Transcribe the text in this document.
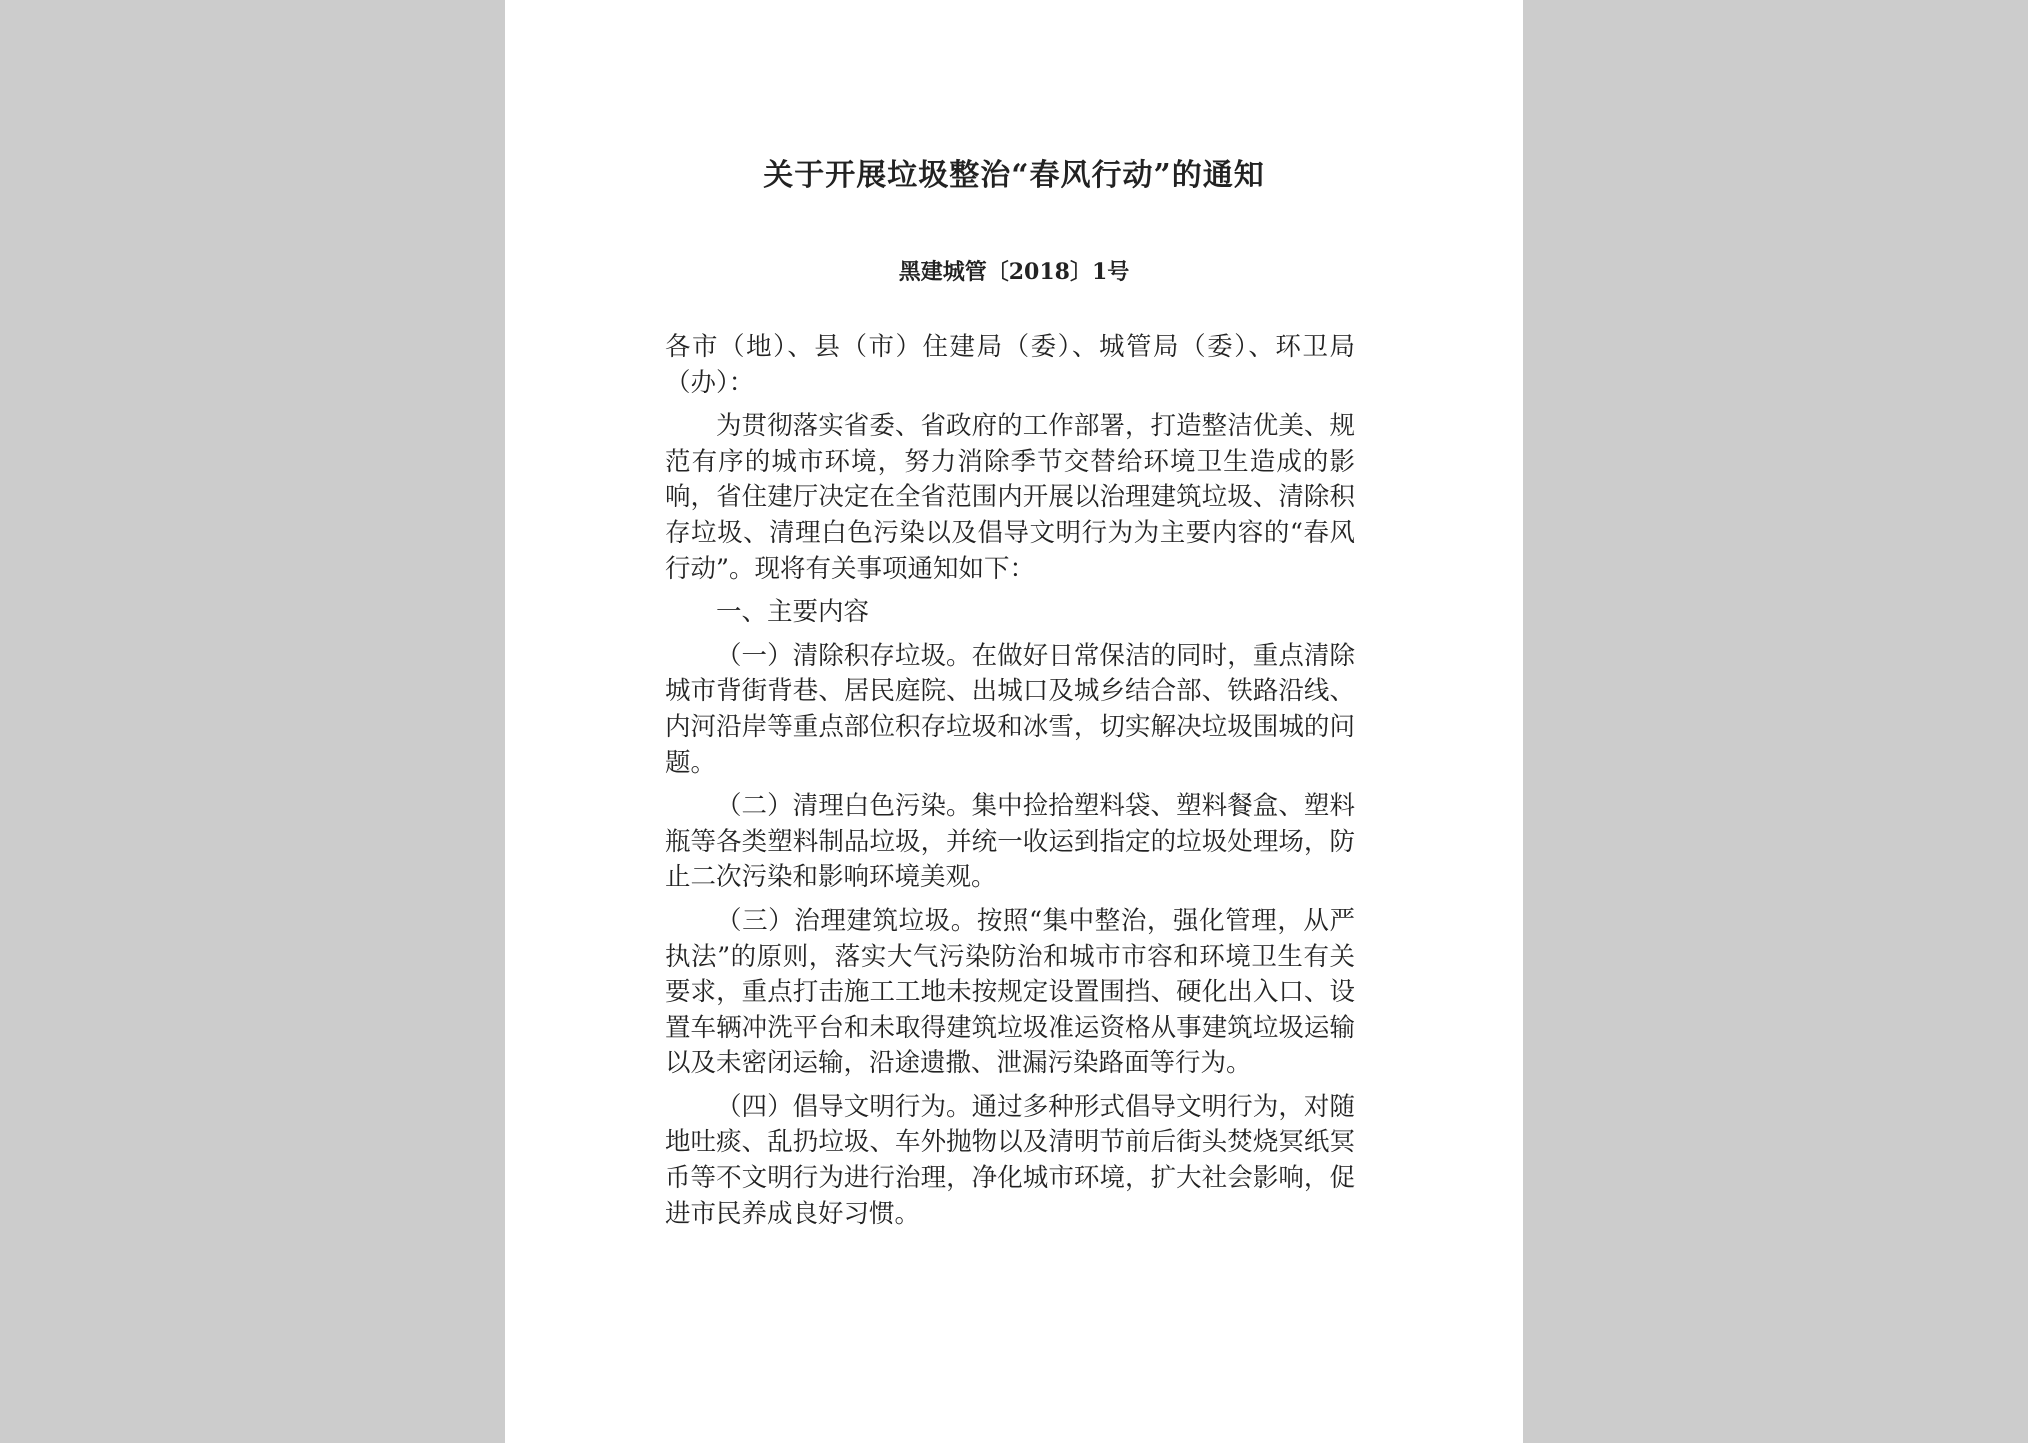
关于开展垃圾整治“春风行动”的通知
黑建城管〔2018〕1号

各市（地）、县（市）住建局（委）、城管局（委）、环卫局（办）：

为贯彻落实省委、省政府的工作部署，打造整洁优美、规范有序的城市环境，努力消除季节交替给环境卫生造成的影响，省住建厅决定在全省范围内开展以治理建筑垃圾、清除积存垃圾、清理白色污染以及倡导文明行为为主要内容的“春风行动”。现将有关事项通知如下：

一、主要内容

（一）清除积存垃圾。在做好日常保洁的同时，重点清除城市背街背巷、居民庭院、出城口及城乡结合部、铁路沿线、内河沿岸等重点部位积存垃圾和冰雪，切实解决垃圾围城的问题。

（二）清理白色污染。集中捡拾塑料袋、塑料餐盒、塑料瓶等各类塑料制品垃圾，并统一收运到指定的垃圾处理场，防止二次污染和影响环境美观。

（三）治理建筑垃圾。按照“集中整治，强化管理，从严执法”的原则，落实大气污染防治和城市市容和环境卫生有关要求，重点打击施工工地未按规定设置围挡、硬化出入口、设置车辆冲洗平台和未取得建筑垃圾准运资格从事建筑垃圾运输以及未密闭运输，沿途遗撒、泄漏污染路面等行为。

（四）倡导文明行为。通过多种形式倡导文明行为，对随地吐痰、乱扔垃圾、车外抛物以及清明节前后街头焚烧冥纸冥币等不文明行为进行治理，净化城市环境，扩大社会影响，促进市民养成良好习惯。
